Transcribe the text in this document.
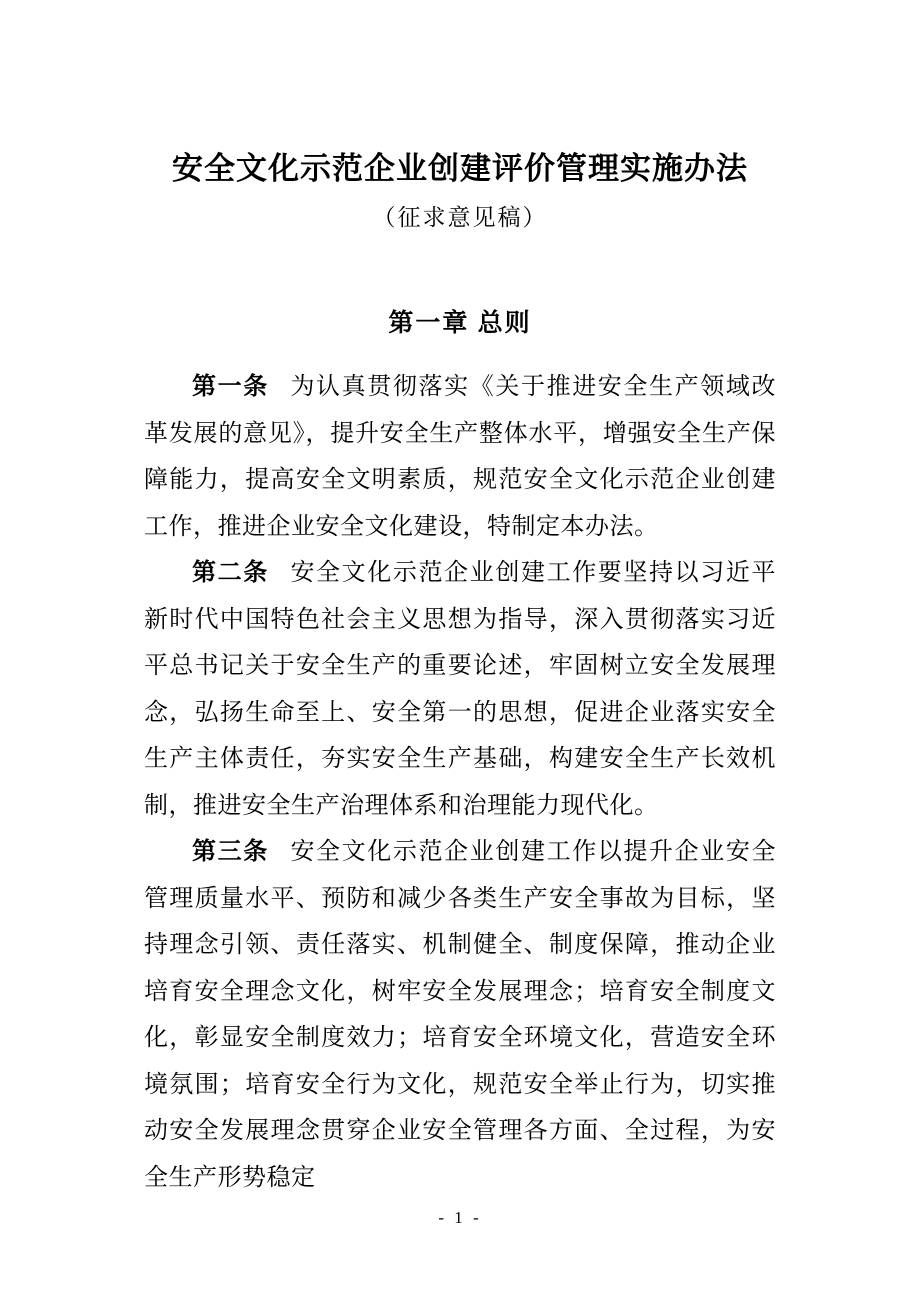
安全文化示范企业创建评价管理实施办法
（征求意见稿）
第一章 总则

第一条 为认真贯彻落实《关于推进安全生产领域改革发展的意见》，提升安全生产整体水平，增强安全生产保障能力，提高安全文明素质，规范安全文化示范企业创建工作，推进企业安全文化建设，特制定本办法。

第二条 安全文化示范企业创建工作要坚持以习近平新时代中国特色社会主义思想为指导，深入贯彻落实习近平总书记关于安全生产的重要论述，牢固树立安全发展理念，弘扬生命至上、安全第一的思想，促进企业落实安全生产主体责任，夯实安全生产基础，构建安全生产长效机制，推进安全生产治理体系和治理能力现代化。

第三条 安全文化示范企业创建工作以提升企业安全管理质量水平、预防和减少各类生产安全事故为目标，坚持理念引领、责任落实、机制健全、制度保障，推动企业培育安全理念文化，树牢安全发展理念；培育安全制度文化，彰显安全制度效力；培育安全环境文化，营造安全环境氛围；培育安全行为文化，规范安全举止行为，切实推动安全发展理念贯穿企业安全管理各方面、全过程，为安全生产形势稳定

- 1 -
